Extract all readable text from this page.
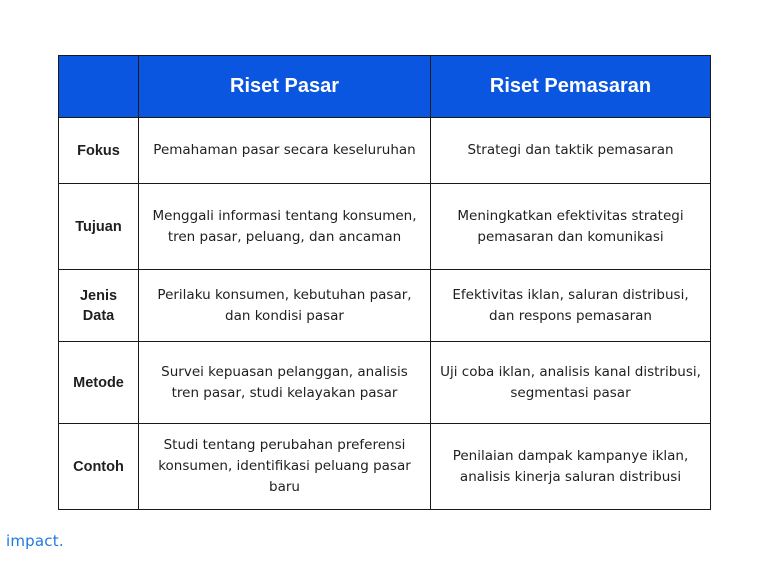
	Riset Pasar	Riset Pemasaran
Fokus	Pemahaman pasar secara keseluruhan	Strategi dan taktik pemasaran
Tujuan	Menggali informasi tentang konsumen, tren pasar, peluang, dan ancaman	Meningkatkan efektivitas strategi pemasaran dan komunikasi
Jenis Data	Perilaku konsumen, kebutuhan pasar, dan kondisi pasar	Efektivitas iklan, saluran distribusi, dan respons pemasaran
Metode	Survei kepuasan pelanggan, analisis tren pasar, studi kelayakan pasar	Uji coba iklan, analisis kanal distribusi, segmentasi pasar
Contoh	Studi tentang perubahan preferensi konsumen, identifikasi peluang pasar baru	Penilaian dampak kampanye iklan, analisis kinerja saluran distribusi
impact.
